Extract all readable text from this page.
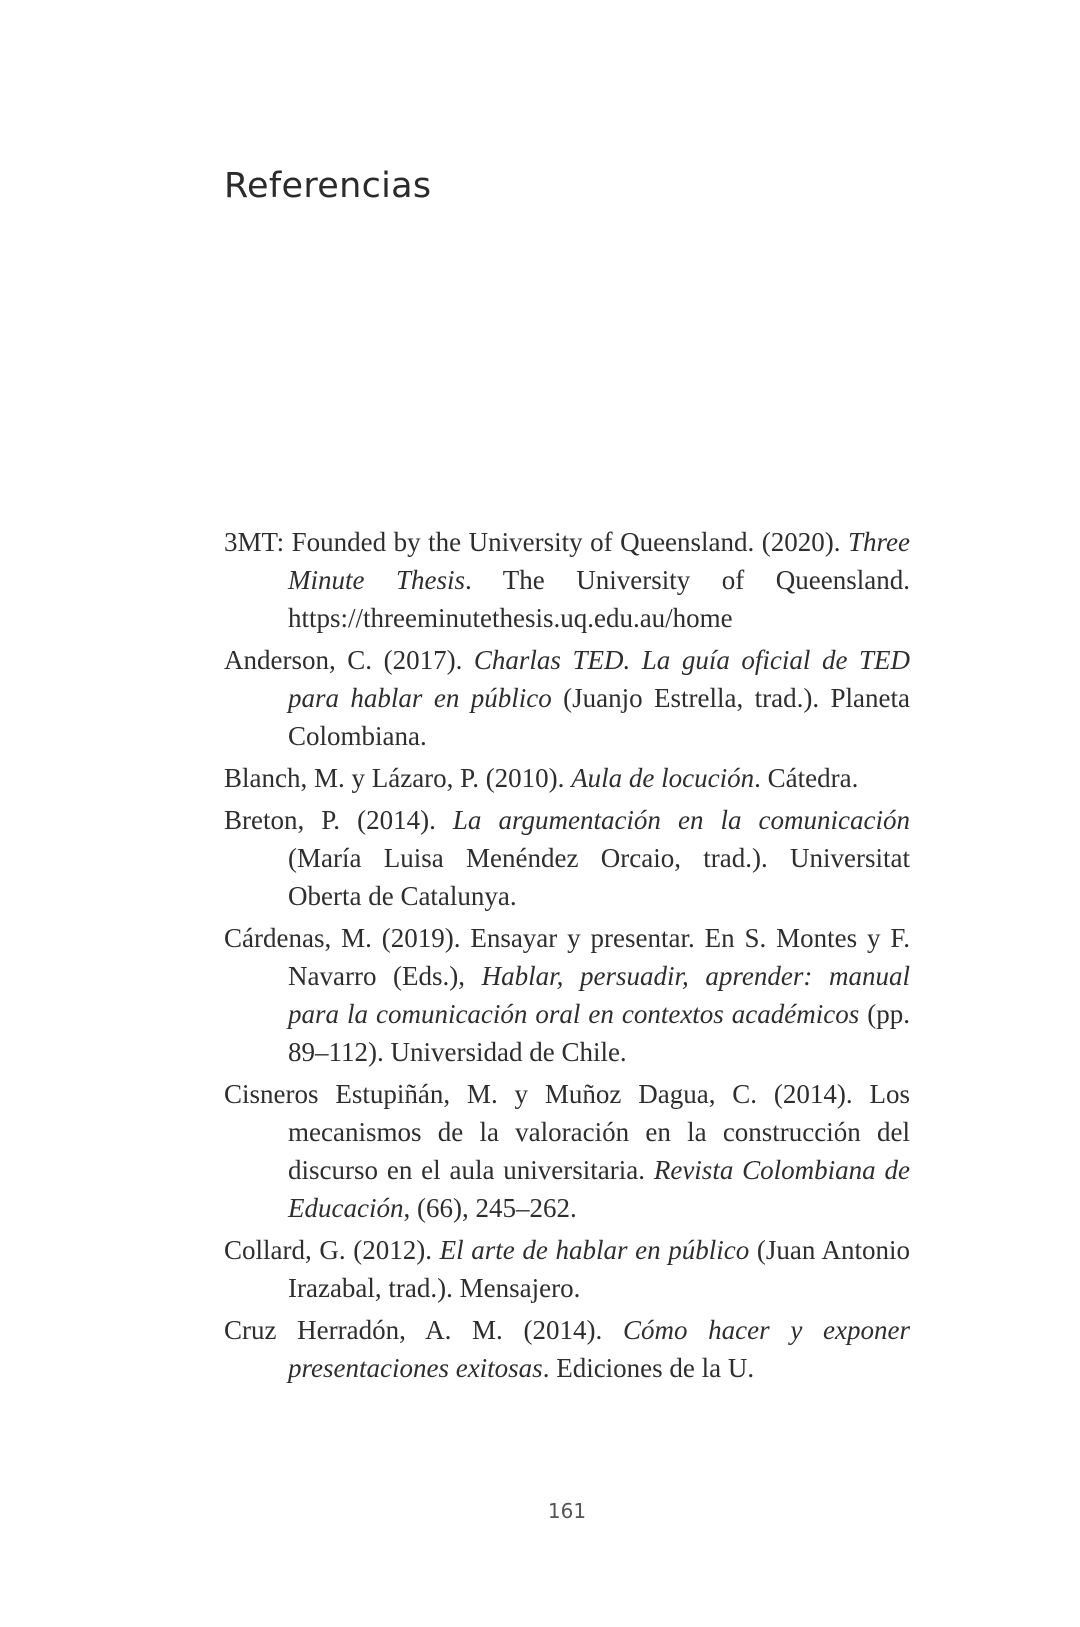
Referencias
3MT: Founded by the University of Queensland. (2020). Three Minute Thesis. The University of Queensland. https://threeminutethesis.uq.edu.au/home
Anderson, C. (2017). Charlas TED. La guía oficial de TED para hablar en público (Juanjo Estrella, trad.). Planeta Colombiana.
Blanch, M. y Lázaro, P. (2010). Aula de locución. Cátedra.
Breton, P. (2014). La argumentación en la comunicación (María Luisa Menéndez Orcaio, trad.). Universitat Oberta de Catalunya.
Cárdenas, M. (2019). Ensayar y presentar. En S. Montes y F. Navarro (Eds.), Hablar, persuadir, aprender: manual para la comunicación oral en contextos académicos (pp. 89–112). Universidad de Chile.
Cisneros Estupiñán, M. y Muñoz Dagua, C. (2014). Los mecanismos de la valoración en la construcción del discurso en el aula universitaria. Revista Colombiana de Educación, (66), 245–262.
Collard, G. (2012). El arte de hablar en público (Juan Antonio Irazabal, trad.). Mensajero.
Cruz Herradón, A. M. (2014). Cómo hacer y exponer presentaciones exitosas. Ediciones de la U.
161
